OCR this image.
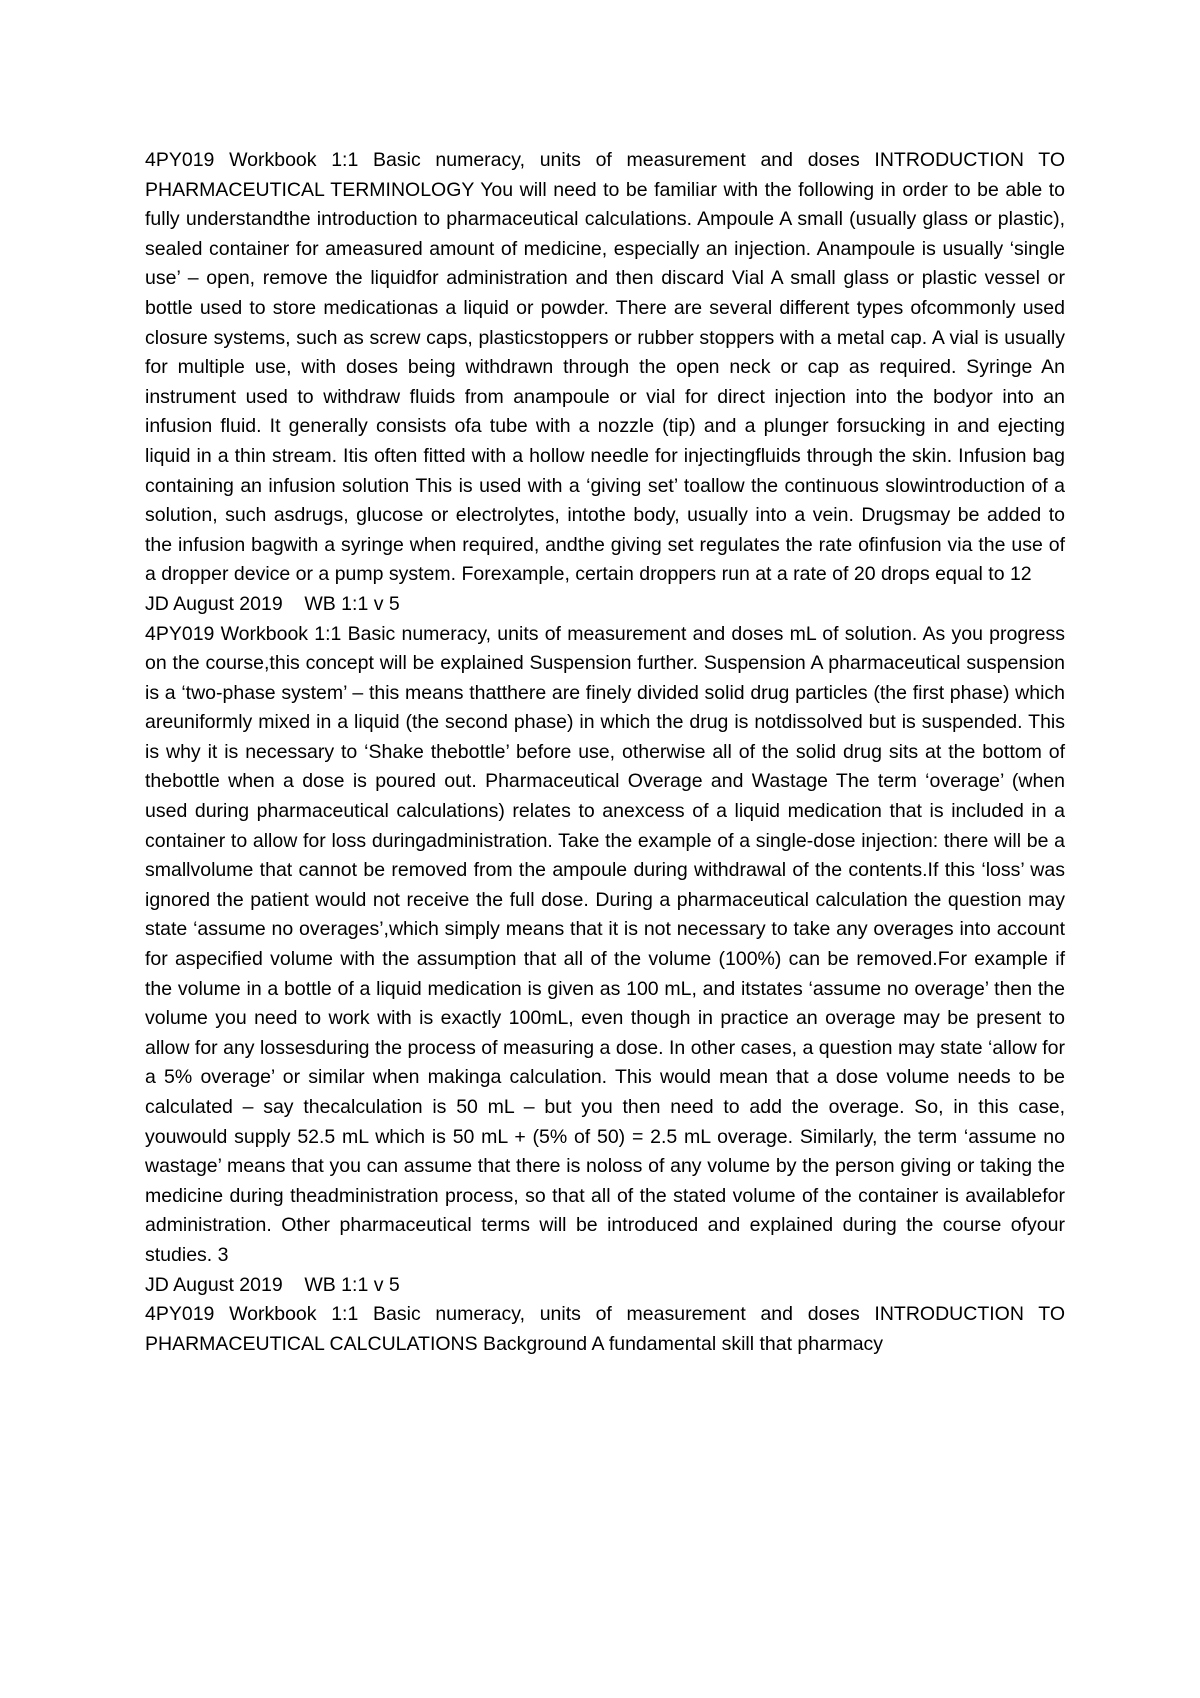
4PY019 Workbook 1:1 Basic numeracy, units of measurement and doses INTRODUCTION TO PHARMACEUTICAL TERMINOLOGY You will need to be familiar with the following in order to be able to fully understandthe introduction to pharmaceutical calculations. Ampoule A small (usually glass or plastic), sealed container for ameasured amount of medicine, especially an injection. Anampoule is usually ‘single use’ – open, remove the liquidfor administration and then discard Vial A small glass or plastic vessel or bottle used to store medicationas a liquid or powder. There are several different types ofcommonly used closure systems, such as screw caps, plasticstoppers or rubber stoppers with a metal cap. A vial is usually for multiple use, with doses being withdrawn through the open neck or cap as required. Syringe An instrument used to withdraw fluids from anampoule or vial for direct injection into the bodyor into an infusion fluid. It generally consists ofa tube with a nozzle (tip) and a plunger forsucking in and ejecting liquid in a thin stream. Itis often fitted with a hollow needle for injectingfluids through the skin. Infusion bag containing an infusion solution This is used with a ‘giving set’ toallow the continuous slowintroduction of a solution, such asdrugs, glucose or electrolytes, intothe body, usually into a vein. Drugsmay be added to the infusion bagwith a syringe when required, andthe giving set regulates the rate ofinfusion via the use of a dropper device or a pump system. Forexample, certain droppers run at a rate of 20 drops equal to 12

JD August 2019    WB 1:1 v 5

4PY019 Workbook 1:1 Basic numeracy, units of measurement and doses mL of solution. As you progress on the course,this concept will be explained Suspension further. Suspension A pharmaceutical suspension is a ‘two-phase system’ – this means thatthere are finely divided solid drug particles (the first phase) which areuniformly mixed in a liquid (the second phase) in which the drug is notdissolved but is suspended. This is why it is necessary to ‘Shake thebottle’ before use, otherwise all of the solid drug sits at the bottom of thebottle when a dose is poured out. Pharmaceutical Overage and Wastage The term ‘overage’ (when used during pharmaceutical calculations) relates to anexcess of a liquid medication that is included in a container to allow for loss duringadministration. Take the example of a single-dose injection: there will be a smallvolume that cannot be removed from the ampoule during withdrawal of the contents.If this ‘loss’ was ignored the patient would not receive the full dose. During a pharmaceutical calculation the question may state ‘assume no overages’,which simply means that it is not necessary to take any overages into account for aspecified volume with the assumption that all of the volume (100%) can be removed.For example if the volume in a bottle of a liquid medication is given as 100 mL, and itstates ‘assume no overage’ then the volume you need to work with is exactly 100mL, even though in practice an overage may be present to allow for any lossesduring the process of measuring a dose. In other cases, a question may state ‘allow for a 5% overage’ or similar when makinga calculation. This would mean that a dose volume needs to be calculated – say thecalculation is 50 mL – but you then need to add the overage. So, in this case, youwould supply 52.5 mL which is 50 mL + (5% of 50) = 2.5 mL overage. Similarly, the term ‘assume no wastage’ means that you can assume that there is noloss of any volume by the person giving or taking the medicine during theadministration process, so that all of the stated volume of the container is availablefor administration. Other pharmaceutical terms will be introduced and explained during the course ofyour studies. 3

JD August 2019    WB 1:1 v 5

4PY019 Workbook 1:1 Basic numeracy, units of measurement and doses INTRODUCTION TO PHARMACEUTICAL CALCULATIONS Background A fundamental skill that pharmacy
